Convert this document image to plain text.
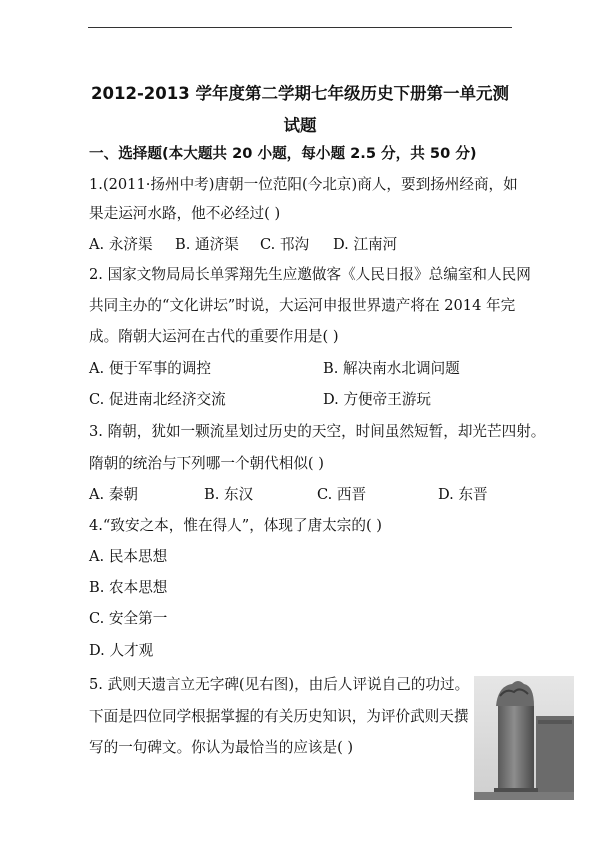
2012-2013 学年度第二学期七年级历史下册第一单元测
试题
一、选择题(本大题共 20 小题，每小题 2.5 分，共 50 分)
1.(2011·扬州中考)唐朝一位范阳(今北京)商人，要到扬州经商，如
果走运河水路，他不必经过( )
A. 永济渠 B. 通济渠 C. 邗沟 D. 江南河
2. 国家文物局局长单霁翔先生应邀做客《人民日报》总编室和人民网
共同主办的“文化讲坛”时说，大运河申报世界遗产将在 2014 年完
成。隋朝大运河在古代的重要作用是( )
A. 便于军事的调控	B. 解决南水北调问题
C. 促进南北经济交流	D. 方便帝王游玩
3. 隋朝，犹如一颗流星划过历史的天空，时间虽然短暂，却光芒四射。
隋朝的统治与下列哪一个朝代相似( )
A. 秦朝	B. 东汉	C. 西晋	D. 东晋
4.“致安之本，惟在得人”，体现了唐太宗的( )
A. 民本思想
B. 农本思想
C. 安全第一
D. 人才观
5. 武则天遗言立无字碑(见右图)，由后人评说自己的功过。
下面是四位同学根据掌握的有关历史知识，为评价武则天撰
写的一句碑文。你认为最恰当的应该是( )
